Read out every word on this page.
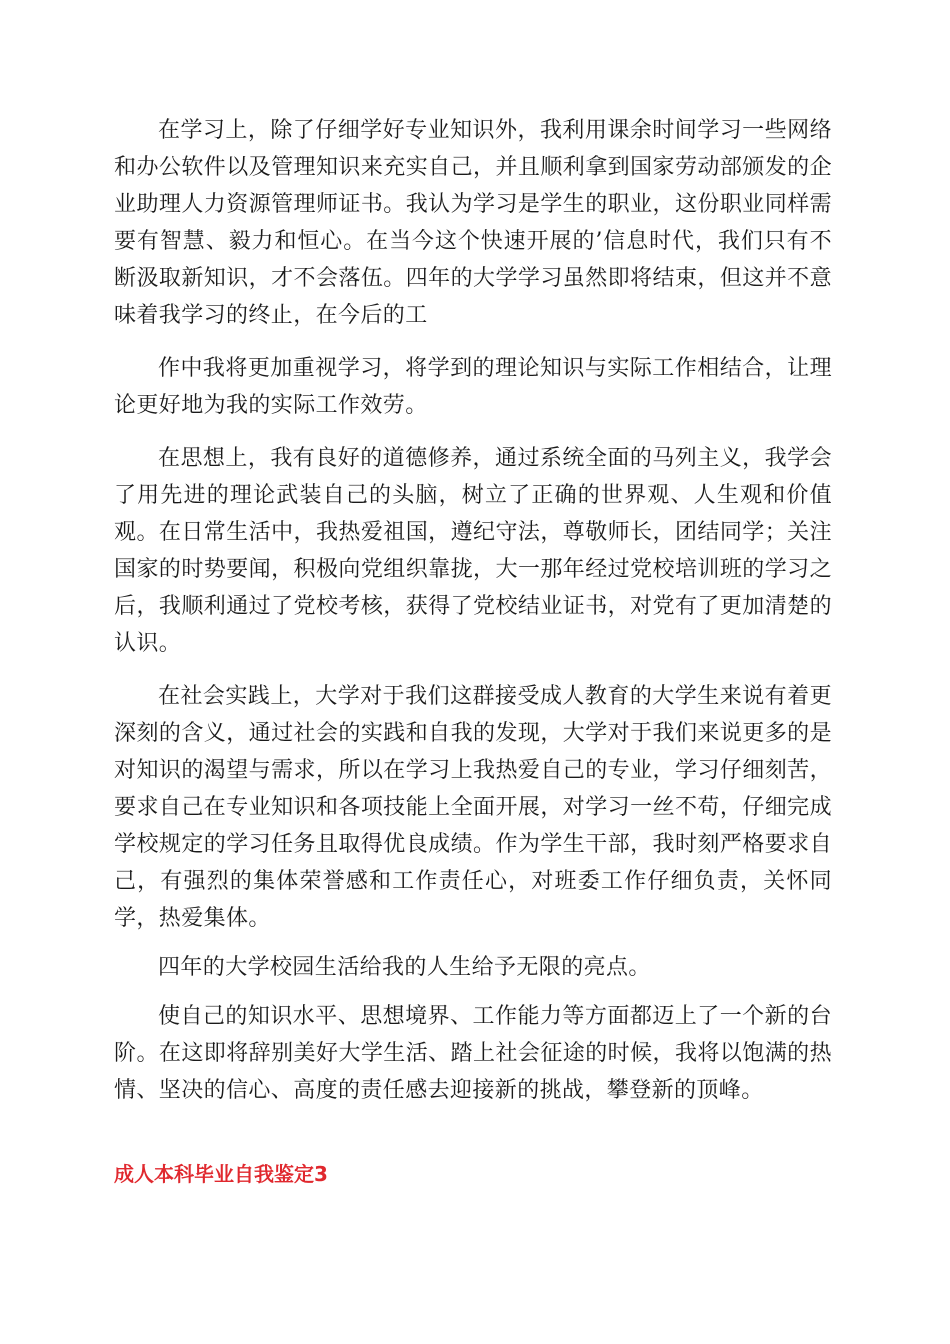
在学习上，除了仔细学好专业知识外，我利用课余时间学习一些网络和办公软件以及管理知识来充实自己，并且顺利拿到国家劳动部颁发的企业助理人力资源管理师证书。我认为学习是学生的职业，这份职业同样需要有智慧、毅力和恒心。在当今这个快速开展的’信息时代，我们只有不断汲取新知识，才不会落伍。四年的大学学习虽然即将结束，但这并不意味着我学习的终止，在今后的工

作中我将更加重视学习，将学到的理论知识与实际工作相结合，让理论更好地为我的实际工作效劳。

在思想上，我有良好的道德修养，通过系统全面的马列主义，我学会了用先进的理论武装自己的头脑，树立了正确的世界观、人生观和价值观。在日常生活中，我热爱祖国，遵纪守法，尊敬师长，团结同学；关注国家的时势要闻，积极向党组织靠拢，大一那年经过党校培训班的学习之后，我顺利通过了党校考核，获得了党校结业证书，对党有了更加清楚的认识。

在社会实践上，大学对于我们这群接受成人教育的大学生来说有着更深刻的含义，通过社会的实践和自我的发现，大学对于我们来说更多的是对知识的渴望与需求，所以在学习上我热爱自己的专业，学习仔细刻苦，要求自己在专业知识和各项技能上全面开展，对学习一丝不苟，仔细完成学校规定的学习任务且取得优良成绩。作为学生干部，我时刻严格要求自己，有强烈的集体荣誉感和工作责任心，对班委工作仔细负责，关怀同学，热爱集体。

四年的大学校园生活给我的人生给予无限的亮点。

使自己的知识水平、思想境界、工作能力等方面都迈上了一个新的台阶。在这即将辞别美好大学生活、踏上社会征途的时候，我将以饱满的热情、坚决的信心、高度的责任感去迎接新的挑战，攀登新的顶峰。

成人本科毕业自我鉴定3
